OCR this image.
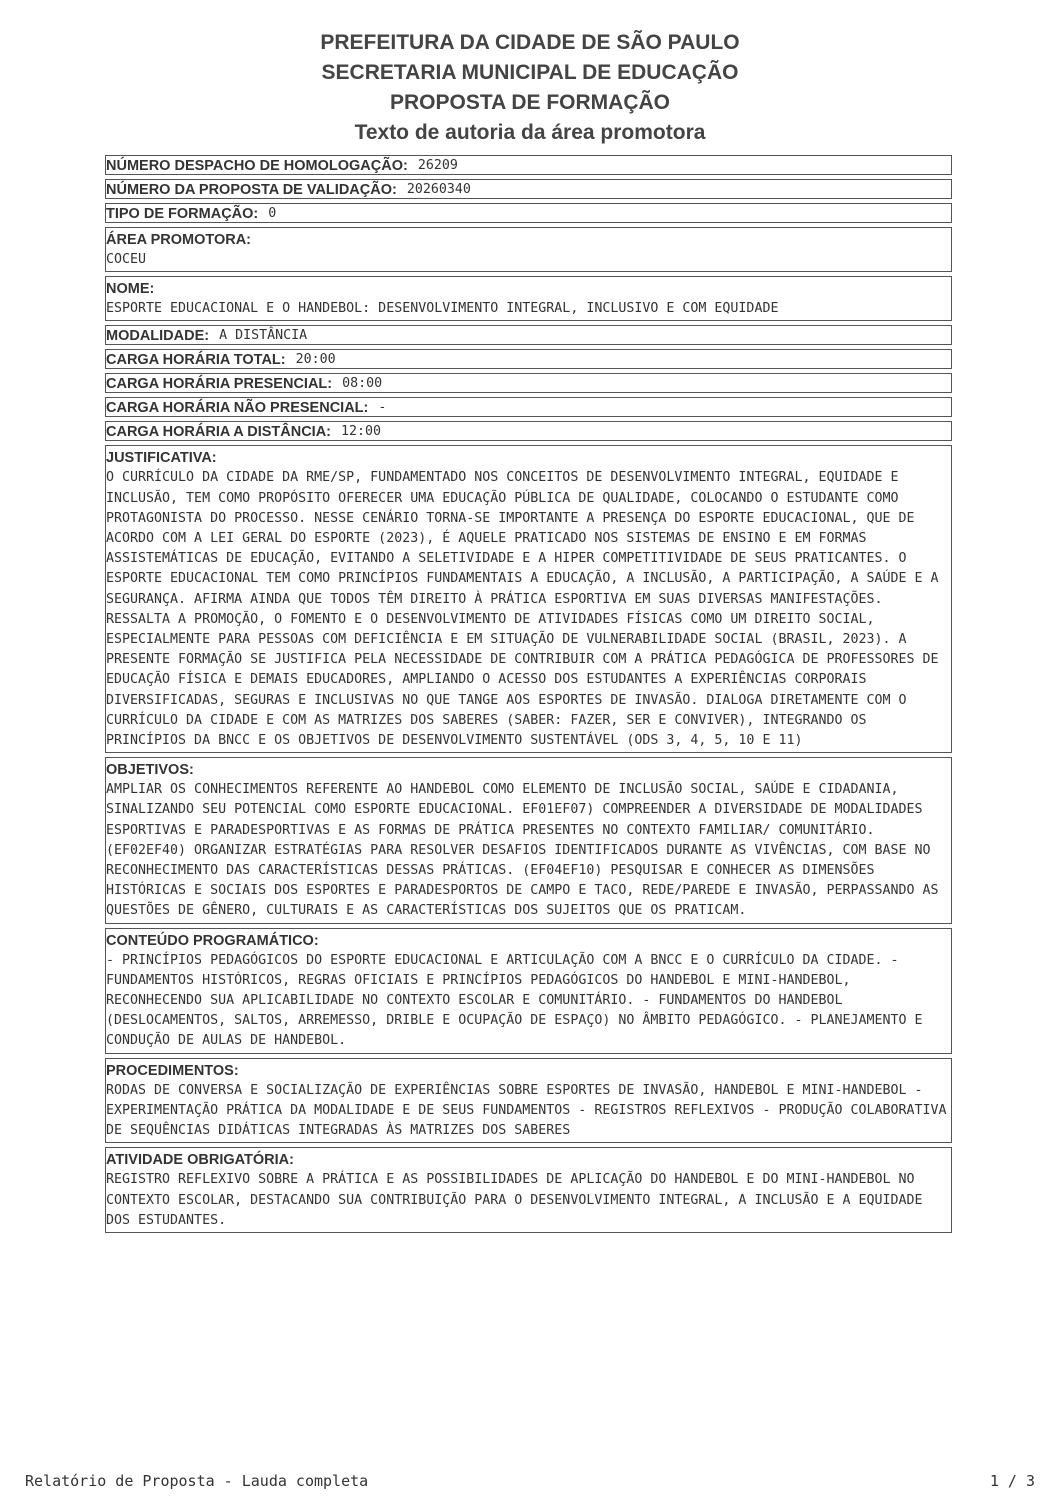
PREFEITURA DA CIDADE DE SÃO PAULO
SECRETARIA MUNICIPAL DE EDUCAÇÃO
PROPOSTA DE FORMAÇÃO
Texto de autoria da área promotora
NÚMERO DESPACHO DE HOMOLOGAÇÃO: 26209
NÚMERO DA PROPOSTA DE VALIDAÇÃO: 20260340
TIPO DE FORMAÇÃO: 0
ÁREA PROMOTORA:
COCEU
NOME:
ESPORTE EDUCACIONAL E O HANDEBOL: DESENVOLVIMENTO INTEGRAL, INCLUSIVO E COM EQUIDADE
MODALIDADE: A DISTÂNCIA
CARGA HORÁRIA TOTAL: 20:00
CARGA HORÁRIA PRESENCIAL: 08:00
CARGA HORÁRIA NÃO PRESENCIAL: -
CARGA HORÁRIA A DISTÂNCIA: 12:00
JUSTIFICATIVA:
O CURRÍCULO DA CIDADE DA RME/SP, FUNDAMENTADO NOS CONCEITOS DE DESENVOLVIMENTO INTEGRAL, EQUIDADE E INCLUSÃO, TEM COMO PROPÓSITO OFERECER UMA EDUCAÇÃO PÚBLICA DE QUALIDADE, COLOCANDO O ESTUDANTE COMO PROTAGONISTA DO PROCESSO. NESSE CENÁRIO TORNA-SE IMPORTANTE A PRESENÇA DO ESPORTE EDUCACIONAL, QUE DE ACORDO COM A LEI GERAL DO ESPORTE (2023), É AQUELE PRATICADO NOS SISTEMAS DE ENSINO E EM FORMAS ASSISTEMÁTICAS DE EDUCAÇÃO, EVITANDO A SELETIVIDADE E A HIPER COMPETITIVIDADE DE SEUS PRATICANTES. O ESPORTE EDUCACIONAL TEM COMO PRINCÍPIOS FUNDAMENTAIS A EDUCAÇÃO, A INCLUSÃO, A PARTICIPAÇÃO, A SAÚDE E A SEGURANÇA. AFIRMA AINDA QUE TODOS TÊM DIREITO À PRÁTICA ESPORTIVA EM SUAS DIVERSAS MANIFESTAÇÕES. RESSALTA A PROMOÇÃO, O FOMENTO E O DESENVOLVIMENTO DE ATIVIDADES FÍSICAS COMO UM DIREITO SOCIAL, ESPECIALMENTE PARA PESSOAS COM DEFICIÊNCIA E EM SITUAÇÃO DE VULNERABILIDADE SOCIAL (BRASIL, 2023). A PRESENTE FORMAÇÃO SE JUSTIFICA PELA NECESSIDADE DE CONTRIBUIR COM A PRÁTICA PEDAGÓGICA DE PROFESSORES DE EDUCAÇÃO FÍSICA E DEMAIS EDUCADORES, AMPLIANDO O ACESSO DOS ESTUDANTES A EXPERIÊNCIAS CORPORAIS DIVERSIFICADAS, SEGURAS E INCLUSIVAS NO QUE TANGE AOS ESPORTES DE INVASÃO. DIALOGA DIRETAMENTE COM O CURRÍCULO DA CIDADE E COM AS MATRIZES DOS SABERES (SABER: FAZER, SER E CONVIVER), INTEGRANDO OS PRINCÍPIOS DA BNCC E OS OBJETIVOS DE DESENVOLVIMENTO SUSTENTÁVEL (ODS 3, 4, 5, 10 E 11)
OBJETIVOS:
AMPLIAR OS CONHECIMENTOS REFERENTE AO HANDEBOL COMO ELEMENTO DE INCLUSÃO SOCIAL, SAÚDE E CIDADANIA, SINALIZANDO SEU POTENCIAL COMO ESPORTE EDUCACIONAL. EF01EF07) COMPREENDER A DIVERSIDADE DE MODALIDADES ESPORTIVAS E PARADESPORTIVAS E AS FORMAS DE PRÁTICA PRESENTES NO CONTEXTO FAMILIAR/ COMUNITÁRIO. (EF02EF40) ORGANIZAR ESTRATÉGIAS PARA RESOLVER DESAFIOS IDENTIFICADOS DURANTE AS VIVÊNCIAS, COM BASE NO RECONHECIMENTO DAS CARACTERÍSTICAS DESSAS PRÁTICAS. (EF04EF10) PESQUISAR E CONHECER AS DIMENSÕES HISTÓRICAS E SOCIAIS DOS ESPORTES E PARADESPORTOS DE CAMPO E TACO, REDE/PAREDE E INVASÃO, PERPASSANDO AS QUESTÕES DE GÊNERO, CULTURAIS E AS CARACTERÍSTICAS DOS SUJEITOS QUE OS PRATICAM.
CONTEÚDO PROGRAMÁTICO:
- PRINCÍPIOS PEDAGÓGICOS DO ESPORTE EDUCACIONAL E ARTICULAÇÃO COM A BNCC E O CURRÍCULO DA CIDADE. - FUNDAMENTOS HISTÓRICOS, REGRAS OFICIAIS E PRINCÍPIOS PEDAGÓGICOS DO HANDEBOL E MINI-HANDEBOL, RECONHECENDO SUA APLICABILIDADE NO CONTEXTO ESCOLAR E COMUNITÁRIO. - FUNDAMENTOS DO HANDEBOL (DESLOCAMENTOS, SALTOS, ARREMESSO, DRIBLE E OCUPAÇÃO DE ESPAÇO) NO ÂMBITO PEDAGÓGICO. - PLANEJAMENTO E CONDUÇÃO DE AULAS DE HANDEBOL.
PROCEDIMENTOS:
RODAS DE CONVERSA E SOCIALIZAÇÃO DE EXPERIÊNCIAS SOBRE ESPORTES DE INVASÃO, HANDEBOL E MINI-HANDEBOL - EXPERIMENTAÇÃO PRÁTICA DA MODALIDADE E DE SEUS FUNDAMENTOS - REGISTROS REFLEXIVOS - PRODUÇÃO COLABORATIVA DE SEQUÊNCIAS DIDÁTICAS INTEGRADAS ÀS MATRIZES DOS SABERES
ATIVIDADE OBRIGATÓRIA:
REGISTRO REFLEXIVO SOBRE A PRÁTICA E AS POSSIBILIDADES DE APLICAÇÃO DO HANDEBOL E DO MINI-HANDEBOL NO CONTEXTO ESCOLAR, DESTACANDO SUA CONTRIBUIÇÃO PARA O DESENVOLVIMENTO INTEGRAL, A INCLUSÃO E A EQUIDADE DOS ESTUDANTES.
Relatório de Proposta - Lauda completa	1 / 3
